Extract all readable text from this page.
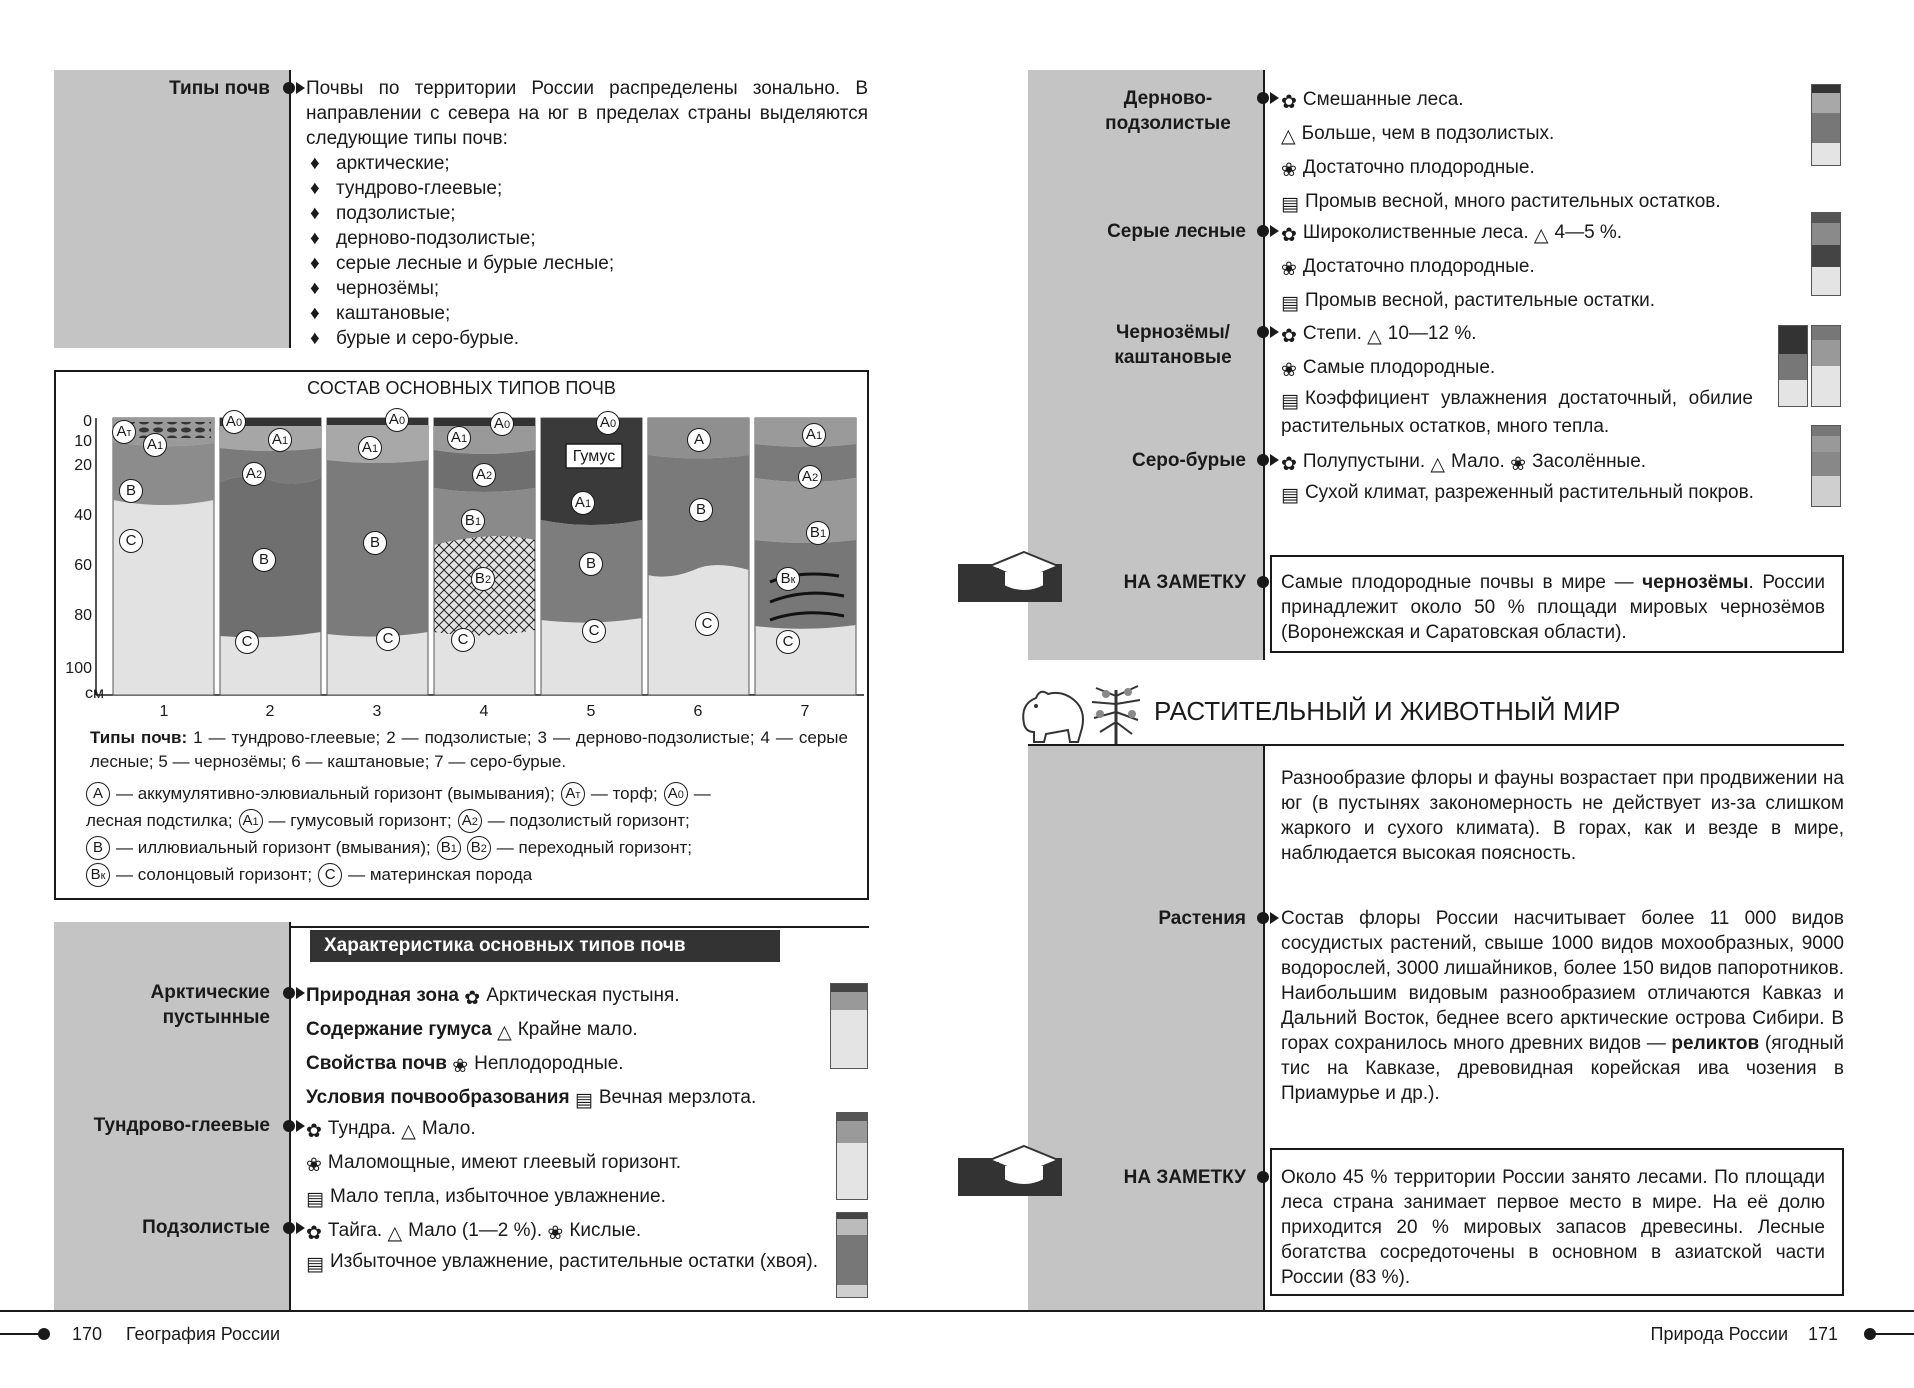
Типы почв Почвы по территории России распределены зонально. В направлении с севера на юг в пределах страны выделяются следующие типы почв:
♦ арктические;
♦ тундрово-глеевые;
♦ подзолистые;
♦ дерново-подзолистые;
♦ серые лесные и бурые лесные;
♦ чернозёмы;
♦ каштановые;
♦ бурые и серо-бурые.
СОСТАВ ОСНОВНЫХ ТИПОВ ПОЧВ
0
10
20
40
60
80
100
см
1	2	3	4	5	6	7
Гумус
Aт
A1
B
C
A0
A1
A2
B
C
A0
A1
B
C
A1
A0
A2
B1
B2
C
A0
A1
B
C
A
B
C
A1
A2
B1
Bк
C
Типы почв: 1 — тундрово-глеевые; 2 — подзолистые; 3 — дерново-подзолистые; 4 — серые лесные; 5 — чернозёмы; 6 — каштановые; 7 — серо-бурые.
A — аккумулятивно-элювиальный горизонт (вымывания); Aт — торф; A0 —
лесная подстилка; A1 — гумусовый горизонт; A2 — подзолистый горизонт;
B — иллювиальный горизонт (вмывания); B1 B2 — переходный горизонт;
Bк — солонцовый горизонт; C — материнская порода
Характеристика основных типов почв
Арктические пустынные
Природная зона ✿ Арктическая пустыня.
Содержание гумуса △ Крайне мало.
Свойства почв ❀ Неплодородные.
Условия почвообразования ▤ Вечная мерзлота.
Тундрово-глеевые ✿ Тундра. △ Мало.
❀ Маломощные, имеют глеевый горизонт.
▤ Мало тепла, избыточное увлажнение.
Подзолистые ✿ Тайга. △ Мало (1—2 %). ❀ Кислые.
▤ Избыточное увлажнение, растительные остатки (хвоя).
170 География России
Дерново-подзолистые
✿ Смешанные леса.
△ Больше, чем в подзолистых.
❀ Достаточно плодородные.
▤ Промыв весной, много растительных остатков.
Серые лесные ✿ Широколиственные леса. △ 4—5 %.
❀ Достаточно плодородные.
▤ Промыв весной, растительные остатки.
Чернозёмы/ каштановые
✿ Степи. △ 10—12 %.
❀ Самые плодородные.
▤ Коэффициент увлажнения достаточный, обилие растительных остатков, много тепла.
Серо-бурые ✿ Полупустыни. △ Мало. ❀ Засолённые.
▤ Сухой климат, разреженный растительный покров.
НА ЗАМЕТКУ Самые плодородные почвы в мире — чернозёмы. России принадлежит около 50 % площади мировых чернозёмов (Воронежская и Саратовская области).
РАСТИТЕЛЬНЫЙ И ЖИВОТНЫЙ МИР
Разнообразие флоры и фауны возрастает при продвижении на юг (в пустынях закономерность не действует из-за слишком жаркого и сухого климата). В горах, как и везде в мире, наблюдается высокая поясность.
Растения Состав флоры России насчитывает более 11 000 видов сосудистых растений, свыше 1000 видов мохообразных, 9000 водорослей, 3000 лишайников, более 150 видов папоротников. Наибольшим видовым разнообразием отличаются Кавказ и Дальний Восток, беднее всего арктические острова Сибири. В горах сохранилось много древних видов — реликтов (ягодный тис на Кавказе, древовидная корейская ива чозения в Приамурье и др.).
НА ЗАМЕТКУ Около 45 % территории России занято лесами. По площади леса страна занимает первое место в мире. На её долю приходится 20 % мировых запасов древесины. Лесные богатства сосредоточены в основном в азиатской части России (83 %).
Природа России 171
